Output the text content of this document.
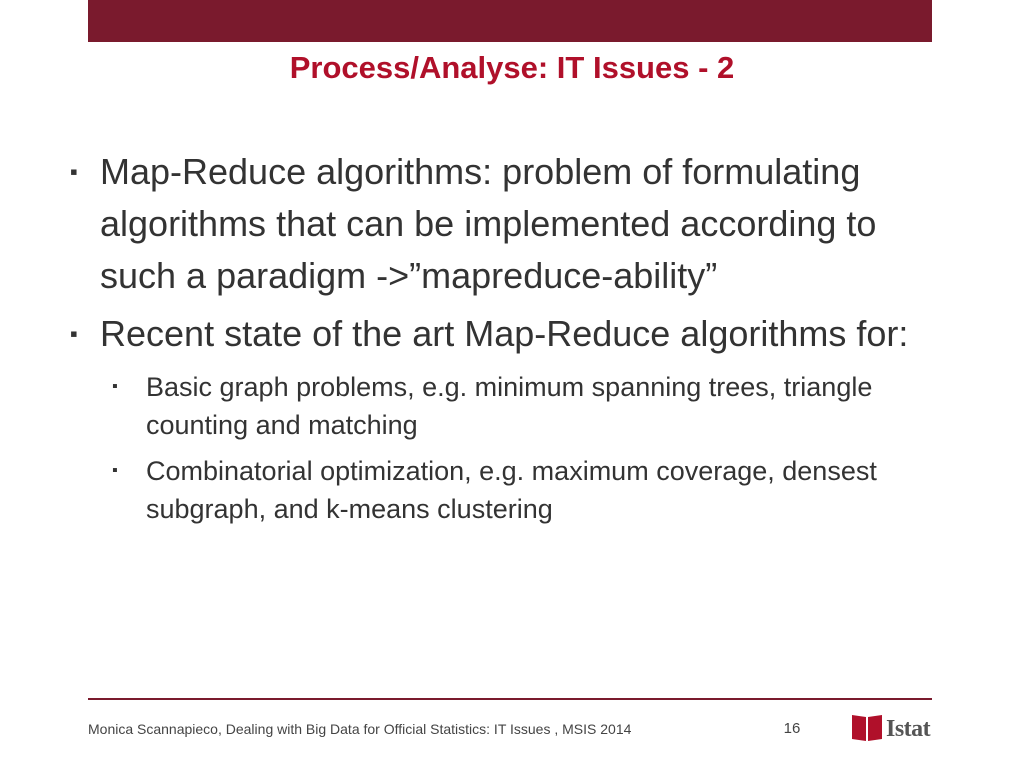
Process/Analyse: IT Issues - 2
▪ Map-Reduce algorithms: problem of formulating algorithms that can be implemented according to such a paradigm ->”mapreduce-ability”
▪ Recent state of the art Map-Reduce algorithms for:
▪ Basic graph problems, e.g. minimum spanning trees, triangle counting and matching
▪ Combinatorial optimization, e.g. maximum coverage, densest subgraph, and k-means clustering
Monica Scannapieco, Dealing with Big Data for Official Statistics: IT Issues , MSIS 2014	16	Istat
